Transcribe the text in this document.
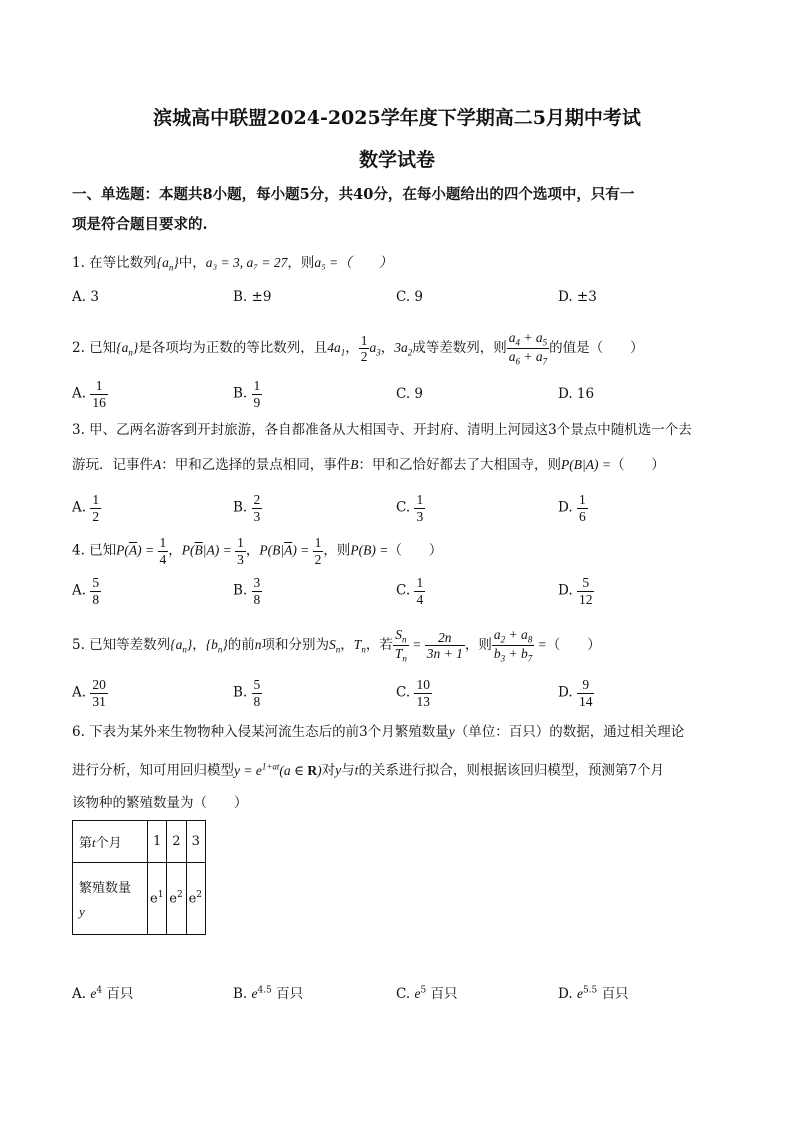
滨城高中联盟2024-2025学年度下学期高二5月期中考试
数学试卷
一、单选题：本题共8小题，每小题5分，共40分，在每小题给出的四个选项中，只有一
项是符合题目要求的.
1. 在等比数列$\{a_n\}$中，a₃ = 3, a₇ = 27，则a₅ =（　　）
A. 3	B. ±9	C. 9	D. ±3
2. 已知$\{a_n\}$是各项均为正数的等比数列，且$4a_1$， $\frac{1}{2} a_3$，$3a_2$成等差数列，则 $\frac{a_4 + a_5}{a_6 + a_7}$ 的值是（　　）
A. $\frac{1}{16}$	B. $\frac{1}{9}$	C. 9	D. 16
3. 甲、乙两名游客到开封旅游，各自都准备从大相国寺、开封府、清明上河园这3个景点中随机选一个去
游玩．记事件A：甲和乙选择的景点相同，事件B：甲和乙恰好都去了大相国寺，则P(B|A) =（　　）
A. $\frac{1}{2}$	B. $\frac{2}{3}$	C. $\frac{1}{3}$	D. $\frac{1}{6}$
4. 已知$P(\overline{A}) = \frac{1}{4}$ ，$P(\overline{B}|A) = \frac{1}{3}$ ，$P(B|\overline{A}) = \frac{1}{2}$ ，则P(B) =（　　）
A. $\frac{5}{8}$	B. $\frac{3}{8}$	C. $\frac{1}{4}$	D. $\frac{5}{12}$
5. 已知等差数列$\{a_n\}$，$\{b_n\}$的前n项和分别为$S_n$，$T_n$，若 $\frac{S_n}{T_n} = \frac{2n}{3n + 1}$ ，则 $\frac{a_2 + a_8}{b_3 + b_7}$ =（　　）
A. $\frac{20}{31}$	B. $\frac{5}{8}$	C. $\frac{10}{13}$	D. $\frac{9}{14}$
6. 下表为某外来生物物种入侵某河流生态后的前3个月繁殖数量y（单位：百只）的数据，通过相关理论
进行分析，知可用回归模型$y = e^{1+at}(a$ ∈ R)对y与t的关系进行拟合，则根据该回归模型，预测第7个月
该物种的繁殖数量为（　　）
第t个月	1	2	3

繁殖数量
y	$e^1$	$e^2$	$e^2$
A. $e^4$ 百只	B. $e^{4.5}$ 百只	C. $e^5$ 百只	D. $e^{5.5}$ 百只
